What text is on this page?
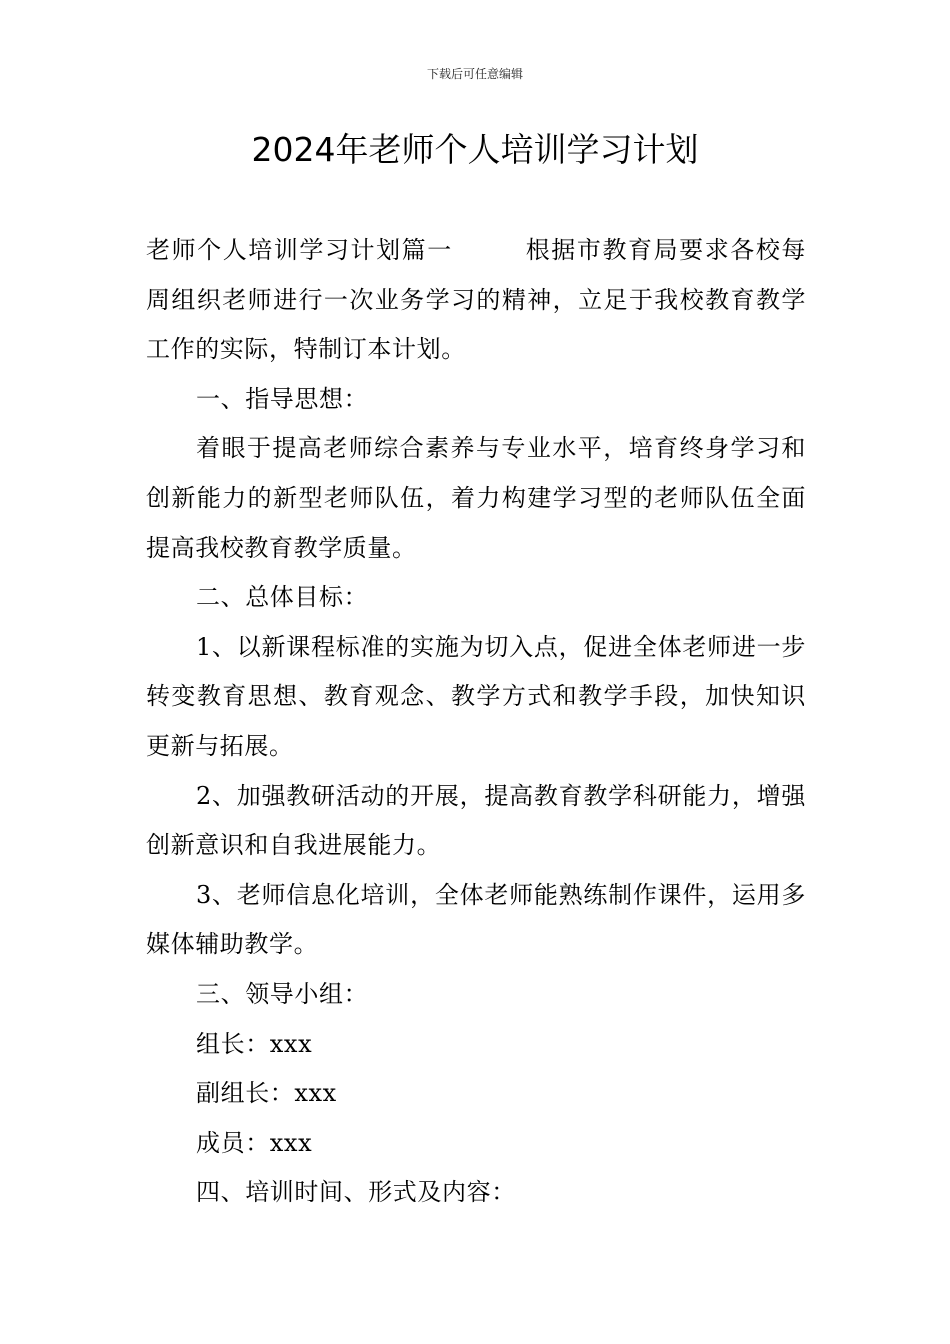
下载后可任意编辑
2024年老师个人培训学习计划

老师个人培训学习计划篇一	根据市教育局要求各校每周组织老师进行一次业务学习的精神，立足于我校教育教学工作的实际，特制订本计划。

一、指导思想：

着眼于提高老师综合素养与专业水平，培育终身学习和创新能力的新型老师队伍，着力构建学习型的老师队伍全面提高我校教育教学质量。

二、总体目标：

1、以新课程标准的实施为切入点，促进全体老师进一步转变教育思想、教育观念、教学方式和教学手段，加快知识更新与拓展。

2、加强教研活动的开展，提高教育教学科研能力，增强创新意识和自我进展能力。

3、老师信息化培训，全体老师能熟练制作课件，运用多媒体辅助教学。

三、领导小组：

组长：xxx

副组长：xxx

成员：xxx

四、培训时间、形式及内容：
